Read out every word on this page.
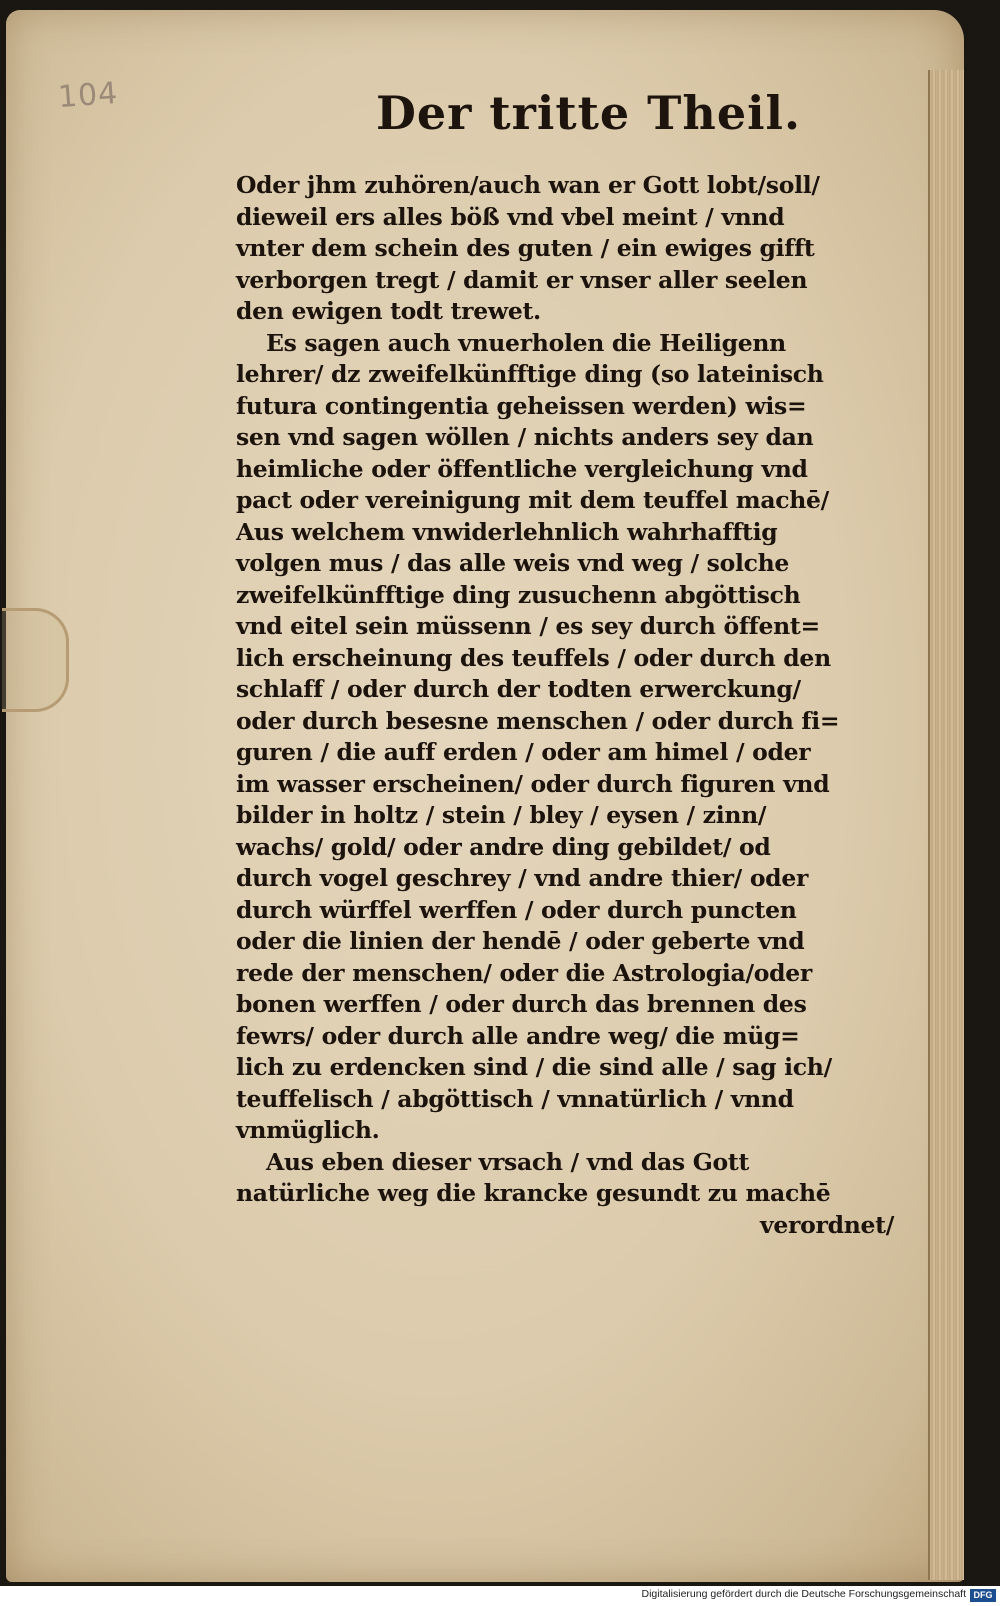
104	Der tritte Theil.
Oder jhm zuhören/auch wan er Gott lobt/soll/
dieweil ers alles böß vnd vbel meint / vnnd
vnter dem schein des guten / ein ewiges gifft
verborgen tregt / damit er vnser aller seelen
den ewigen todt trewet.
Es sagen auch vnuerholen die Heiligenn
lehrer/ dz zweifelkünfftige ding (so lateinisch
futura contingentia geheissen werden) wis=
sen vnd sagen wöllen / nichts anders sey dan
heimliche oder öffentliche vergleichung vnd
pact oder vereinigung mit dem teuffel machē/
Aus welchem vnwiderlehnlich wahrhafftig
volgen mus / das alle weis vnd weg / solche
zweifelkünfftige ding zusuchenn abgöttisch
vnd eitel sein müssenn / es sey durch öffent=
lich erscheinung des teuffels / oder durch den
schlaff / oder durch der todten erwerckung/
oder durch besesne menschen / oder durch fi=
guren / die auff erden / oder am himel / oder
im wasser erscheinen/ oder durch figuren vnd
bilder in holtz / stein / bley / eysen / zinn/
wachs/ gold/ oder andre ding gebildet/ od
durch vogel geschrey / vnd andre thier/ oder
durch würffel werffen / oder durch puncten
oder die linien der hendē / oder geberte vnd
rede der menschen/ oder die Astrologia/oder
bonen werffen / oder durch das brennen des
fewrs/ oder durch alle andre weg/ die müg=
lich zu erdencken sind / die sind alle / sag ich/
teuffelisch / abgöttisch / vnnatürlich / vnnd
vnmüglich.
Aus eben dieser vrsach / vnd das Gott
natürliche weg die krancke gesundt zu machē
verordnet/
Digitalisierung gefördert durch die Deutsche Forschungsgemeinschaft DFG
